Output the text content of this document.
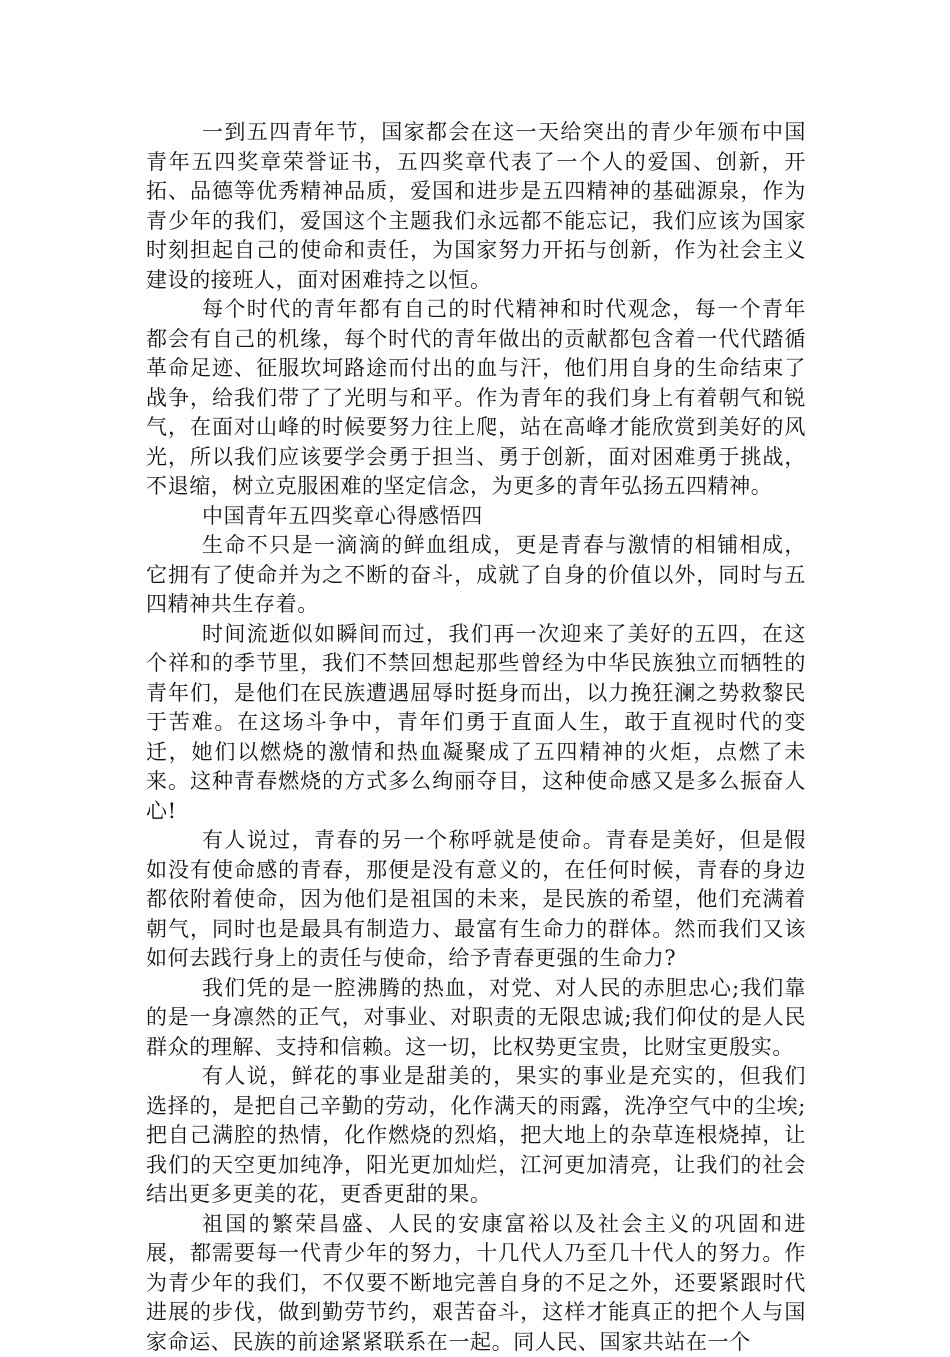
一到五四青年节，国家都会在这一天给突出的青少年颁布中国青年五四奖章荣誉证书，五四奖章代表了一个人的爱国、创新，开拓、品德等优秀精神品质，爱国和进步是五四精神的基础源泉，作为青少年的我们，爱国这个主题我们永远都不能忘记，我们应该为国家时刻担起自己的使命和责任，为国家努力开拓与创新，作为社会主义建设的接班人，面对困难持之以恒。

每个时代的青年都有自己的时代精神和时代观念，每一个青年都会有自己的机缘，每个时代的青年做出的贡献都包含着一代代踏循革命足迹、征服坎坷路途而付出的血与汗，他们用自身的生命结束了战争，给我们带了了光明与和平。作为青年的我们身上有着朝气和锐气，在面对山峰的时候要努力往上爬，站在高峰才能欣赏到美好的风光，所以我们应该要学会勇于担当、勇于创新，面对困难勇于挑战，不退缩，树立克服困难的坚定信念，为更多的青年弘扬五四精神。

中国青年五四奖章心得感悟四

生命不只是一滴滴的鲜血组成，更是青春与激情的相铺相成，它拥有了使命并为之不断的奋斗，成就了自身的价值以外，同时与五四精神共生存着。

时间流逝似如瞬间而过，我们再一次迎来了美好的五四，在这个祥和的季节里，我们不禁回想起那些曾经为中华民族独立而牺牲的青年们，是他们在民族遭遇屈辱时挺身而出，以力挽狂澜之势救黎民于苦难。在这场斗争中，青年们勇于直面人生，敢于直视时代的变迁，她们以燃烧的激情和热血凝聚成了五四精神的火炬，点燃了未来。这种青春燃烧的方式多么绚丽夺目，这种使命感又是多么振奋人心!

有人说过，青春的另一个称呼就是使命。青春是美好，但是假如没有使命感的青春，那便是没有意义的，在任何时候，青春的身边都依附着使命，因为他们是祖国的未来，是民族的希望，他们充满着朝气，同时也是最具有制造力、最富有生命力的群体。然而我们又该如何去践行身上的责任与使命，给予青春更强的生命力?

我们凭的是一腔沸腾的热血，对党、对人民的赤胆忠心;我们靠的是一身凛然的正气，对事业、对职责的无限忠诚;我们仰仗的是人民群众的理解、支持和信赖。这一切，比权势更宝贵，比财宝更殷实。

有人说，鲜花的事业是甜美的，果实的事业是充实的，但我们选择的，是把自己辛勤的劳动，化作满天的雨露，洗净空气中的尘埃;把自己满腔的热情，化作燃烧的烈焰，把大地上的杂草连根烧掉，让我们的天空更加纯净，阳光更加灿烂，江河更加清亮，让我们的社会结出更多更美的花，更香更甜的果。

祖国的繁荣昌盛、人民的安康富裕以及社会主义的巩固和进展，都需要每一代青少年的努力，十几代人乃至几十代人的努力。作为青少年的我们，不仅要不断地完善自身的不足之外，还要紧跟时代进展的步伐，做到勤劳节约，艰苦奋斗，这样才能真正的把个人与国家命运、民族的前途紧紧联系在一起。同人民、国家共站在一个
